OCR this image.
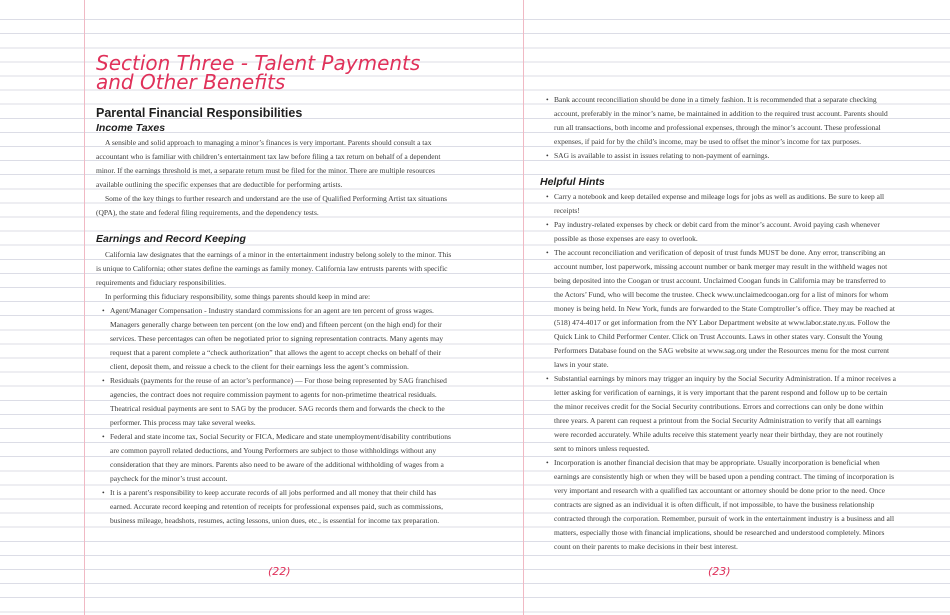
Section Three - Talent Payments
and Other Benefits
Parental Financial Responsibilities
Income Taxes

A sensible and solid approach to managing a minor’s finances is very important. Parents should consult a tax accountant who is familiar with children’s entertainment tax law before filing a tax return on behalf of a dependent minor. If the earnings threshold is met, a separate return must be filed for the minor. There are multiple resources available outlining the specific expenses that are deductible for performing artists.

Some of the key things to further research and understand are the use of Qualified Performing Artist tax situations (QPA), the state and federal filing requirements, and the dependency tests.

Earnings and Record Keeping

California law designates that the earnings of a minor in the entertainment industry belong solely to the minor. This is unique to California; other states define the earnings as family money. California law entrusts parents with specific requirements and fiduciary responsibilities.

In performing this fiduciary responsibility, some things parents should keep in mind are:

• Agent/Manager Compensation - Industry standard commissions for an agent are ten percent of gross wages. Managers generally charge between ten percent (on the low end) and fifteen percent (on the high end) for their services. These percentages can often be negotiated prior to signing representation contracts. Many agents may request that a parent complete a “check authorization” that allows the agent to accept checks on behalf of their client, deposit them, and reissue a check to the client for their earnings less the agent’s commission.
• Residuals (payments for the reuse of an actor’s performance) — For those being represented by SAG franchised agencies, the contract does not require commission payment to agents for non-primetime theatrical residuals. Theatrical residual payments are sent to SAG by the producer. SAG records them and forwards the check to the performer. This process may take several weeks.
• Federal and state income tax, Social Security or FICA, Medicare and state unemployment/disability contributions are common payroll related deductions, and Young Performers are subject to those withholdings without any consideration that they are minors. Parents also need to be aware of the additional withholding of wages from a paycheck for the minor’s trust account.
• It is a parent’s responsibility to keep accurate records of all jobs performed and all money that their child has earned. Accurate record keeping and retention of receipts for professional expenses paid, such as commissions, business mileage, headshots, resumes, acting lessons, union dues, etc., is essential for income tax preparation.
(22)
• Bank account reconciliation should be done in a timely fashion. It is recommended that a separate checking account, preferably in the minor’s name, be maintained in addition to the required trust account. Parents should run all transactions, both income and professional expenses, through the minor’s account. These professional expenses, if paid for by the child’s income, may be used to offset the minor’s income for tax purposes.
• SAG is available to assist in issues relating to non-payment of earnings.
Helpful Hints
• Carry a notebook and keep detailed expense and mileage logs for jobs as well as auditions. Be sure to keep all receipts!
• Pay industry-related expenses by check or debit card from the minor’s account. Avoid paying cash whenever possible as those expenses are easy to overlook.
• The account reconciliation and verification of deposit of trust funds MUST be done. Any error, transcribing an account number, lost paperwork, missing account number or bank merger may result in the withheld wages not being deposited into the Coogan or trust account. Unclaimed Coogan funds in California may be transferred to the Actors’ Fund, who will become the trustee. Check www.unclaimedcoogan.org for a list of minors for whom money is being held. In New York, funds are forwarded to the State Comptroller’s office. They may be reached at (518) 474-4017 or get information from the NY Labor Department website at www.labor.state.ny.us. Follow the Quick Link to Child Performer Center. Click on Trust Accounts. Laws in other states vary. Consult the Young Performers Database found on the SAG website at www.sag.org under the Resources menu for the most current laws in your state.
• Substantial earnings by minors may trigger an inquiry by the Social Security Administration. If a minor receives a letter asking for verification of earnings, it is very important that the parent respond and follow up to be certain the minor receives credit for the Social Security contributions. Errors and corrections can only be done within three years. A parent can request a printout from the Social Security Administration to verify that all earnings were recorded accurately. While adults receive this statement yearly near their birthday, they are not routinely sent to minors unless requested.
• Incorporation is another financial decision that may be appropriate. Usually incorporation is beneficial when earnings are consistently high or when they will be based upon a pending contract. The timing of incorporation is very important and research with a qualified tax accountant or attorney should be done prior to the need. Once contracts are signed as an individual it is often difficult, if not impossible, to have the business relationship contracted through the corporation. Remember, pursuit of work in the entertainment industry is a business and all matters, especially those with financial implications, should be researched and understood completely. Minors count on their parents to make decisions in their best interest.
(23)
